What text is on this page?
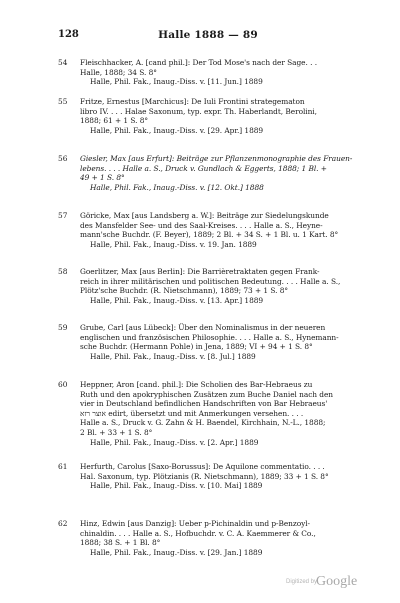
128	Halle 1888 — 89
54 Fleischhacker, A. [cand phil.]: Der Tod Mose's nach der Sage. . .
Halle, 1888; 34 S. 8°
Halle, Phil. Fak., Inaug.-Diss. v. [11. Jun.] 1889
55 Fritze, Ernestus [Marchicus]: De Iuli Frontini strategematon
libro IV. . . . Halae Saxonum, typ. expr. Th. Haberlandt, Berolini,
1888; 61 + 1 S. 8°
Halle, Phil. Fak., Inaug.-Diss. v. [29. Apr.] 1889
56 Giesler, Max [aus Erfurt]: Beiträge zur Pflanzenmonographie des Frauen-
lebens. . . . Halle a. S., Druck v. Gundlach & Eggerts, 1888; 1 Bl. +
49 + 1 S. 8°
Halle, Phil. Fak., Inaug.-Diss. v. [12. Okt.] 1888
57 Göricke, Max [aus Landsberg a. W.]: Beiträge zur Siedelungskunde
des Mansfelder See- und des Saal-Kreises. . . . Halle a. S., Heyne-
mann'sche Buchdr. (F. Beyer), 1889; 2 Bl. + 34 S. + 1 Bl. u. 1 Kart. 8°
Halle, Phil. Fak., Inaug.-Diss. v. 19. Jan. 1889
58 Goerlitzer, Max [aus Berlin]: Die Barrièretraktaten gegen Frank-
reich in ihrer militärischen und politischen Bedeutung. . . . Halle a. S.,
Plötz'sche Buchdr. (R. Nietschmann), 1889; 73 + 1 S. 8°
Halle, Phil. Fak., Inaug.-Diss. v. [13. Apr.] 1889
59 Grube, Carl [aus Lübeck]: Über den Nominalismus in der neueren
englischen und französischen Philosophie. . . . Halle a. S., Hynemann-
sche Buchdr. (Hermann Pohle) in Jena, 1889; VI + 94 + 1 S. 8°
Halle, Phil. Fak., Inaug.-Diss. v. [8. Jul.] 1889
60 Heppner, Aron [cand. phil.]: Die Scholien des Bar-Hebraeus zu
Ruth und den apokryphischen Zusätzen zum Buche Daniel nach den
vier in Deutschland befindlichen Handschriften von Bar Hebraeus'
אוצר רזא edirt, übersetzt und mit Anmerkungen versehen. . . .
Halle a. S., Druck v. G. Zahn & H. Baendel, Kirchhain, N.-L., 1888;
2 Bl. + 33 + 1 S. 8°
Halle, Phil. Fak., Inaug.-Diss. v. [2. Apr.] 1889
61 Herfurth, Carolus [Saxo-Borussus]: De Aquilone commentatio. . . .
Hal. Saxonum, typ. Plötzianis (R. Nietschmann), 1889; 33 + 1 S. 8°
Halle, Phil. Fak., Inaug.-Diss. v. [10. Mai] 1889
62 Hinz, Edwin [aus Danzig]: Ueber p-Pichinaldin und p-Benzoyl-
chinaldin. . . . Halle a. S., Hofbuchdr. v. C. A. Kaemmerer & Co.,
1888; 38 S. + 1 Bl. 8°
Halle, Phil. Fak., Inaug.-Diss. v. [29. Jan.] 1889
Digitized by
Google
